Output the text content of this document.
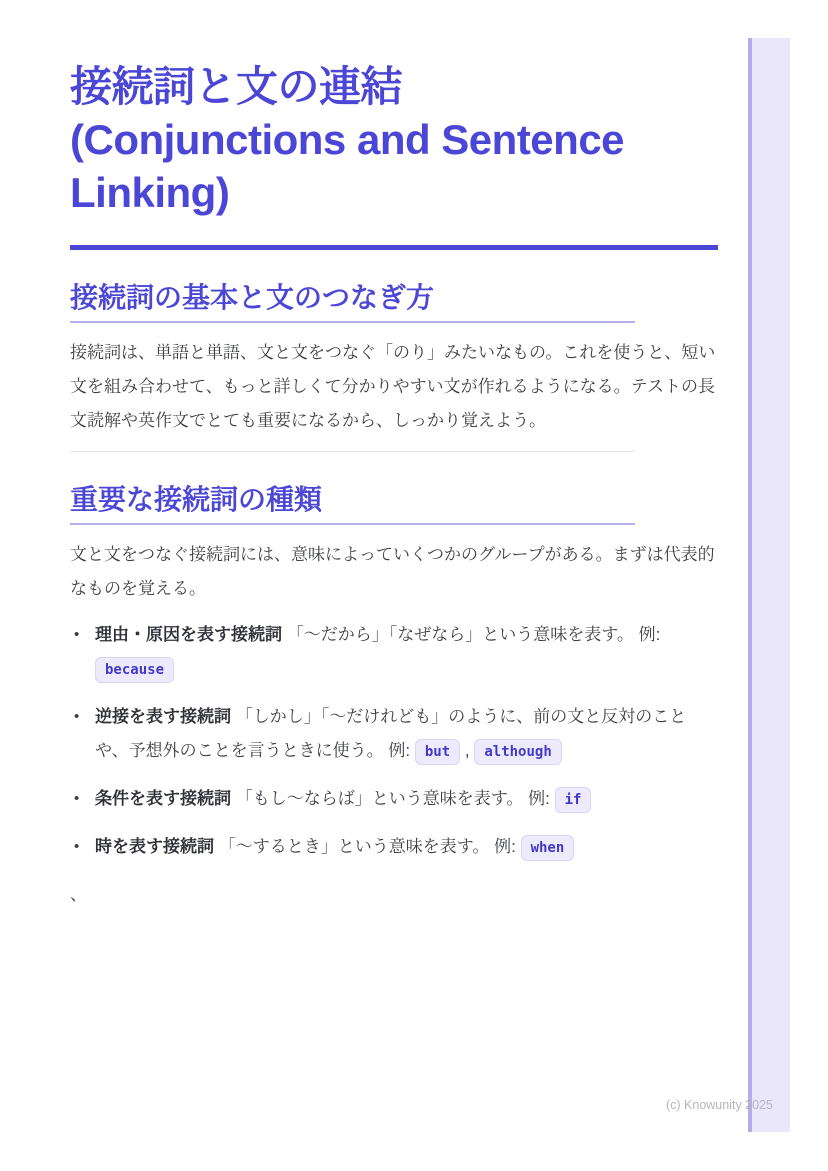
接続詞と文の連結
(Conjunctions and Sentence Linking)
接続詞の基本と文のつなぎ方

接続詞は、単語と単語、文と文をつなぐ「のり」みたいなもの。これを使うと、短い文を組み合わせて、もっと詳しくて分かりやすい文が作れるようになる。テストの長文読解や英作文でとても重要になるから、しっかり覚えよう。

重要な接続詞の種類

文と文をつなぐ接続詞には、意味によっていくつかのグループがある。まずは代表的なものを覚える。

• 理由・原因を表す接続詞 「〜だから」「なぜなら」という意味を表す。 例: because
• 逆接を表す接続詞 「しかし」「〜だけれども」のように、前の文と反対のことや、予想外のことを言うときに使う。 例: but , although
• 条件を表す接続詞 「もし〜ならば」という意味を表す。 例: if
• 時を表す接続詞 「〜するとき」という意味を表す。 例: when
、
(c) Knowunity 2025
